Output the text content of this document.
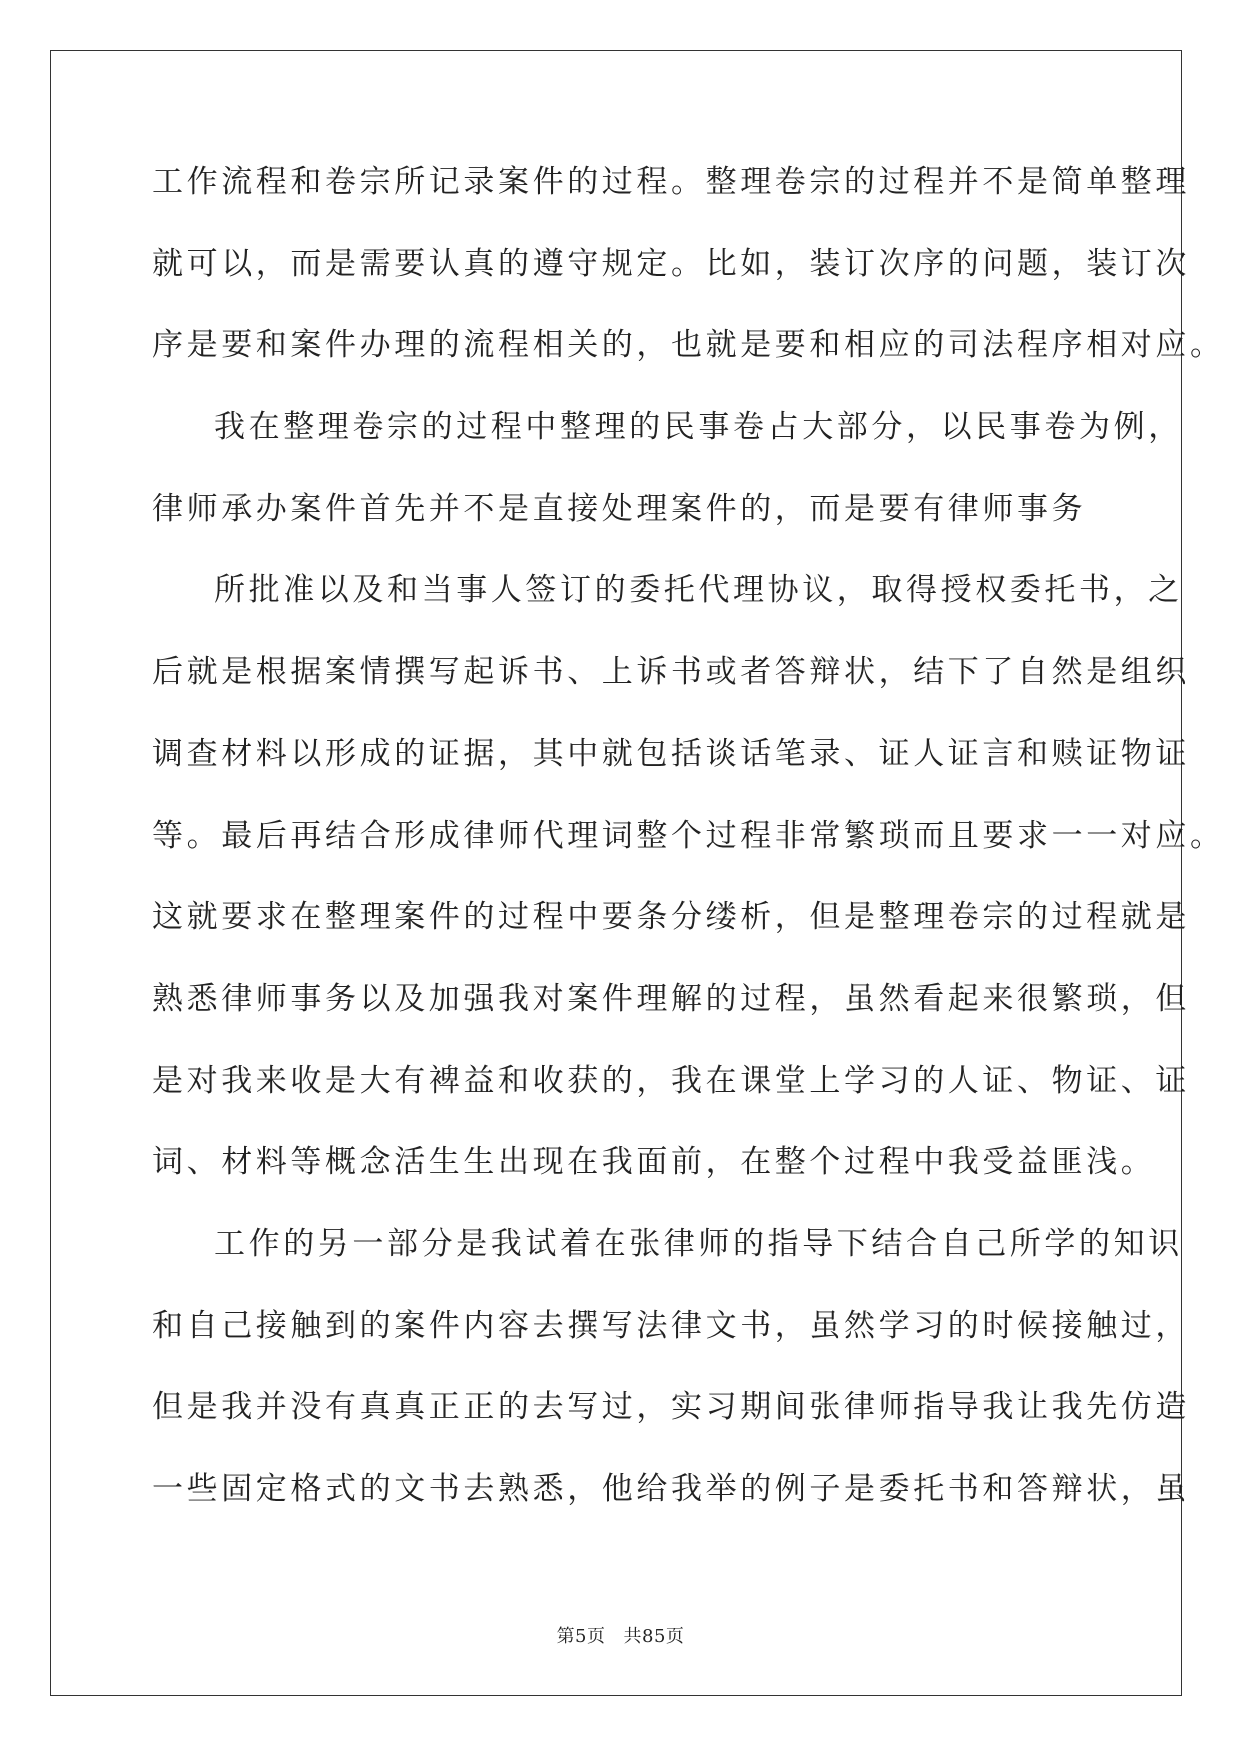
工作流程和卷宗所记录案件的过程。整理卷宗的过程并不是简单整理
就可以，而是需要认真的遵守规定。比如，装订次序的问题，装订次
序是要和案件办理的流程相关的，也就是要和相应的司法程序相对应。
我在整理卷宗的过程中整理的民事卷占大部分，以民事卷为例，
律师承办案件首先并不是直接处理案件的，而是要有律师事务
所批准以及和当事人签订的委托代理协议，取得授权委托书，之
后就是根据案情撰写起诉书、上诉书或者答辩状，结下了自然是组织
调查材料以形成的证据，其中就包括谈话笔录、证人证言和赎证物证
等。最后再结合形成律师代理词整个过程非常繁琐而且要求一一对应。
这就要求在整理案件的过程中要条分缕析，但是整理卷宗的过程就是
熟悉律师事务以及加强我对案件理解的过程，虽然看起来很繁琐，但
是对我来收是大有裨益和收获的，我在课堂上学习的人证、物证、证
词、材料等概念活生生出现在我面前，在整个过程中我受益匪浅。
工作的另一部分是我试着在张律师的指导下结合自己所学的知识
和自己接触到的案件内容去撰写法律文书，虽然学习的时候接触过，
但是我并没有真真正正的去写过，实习期间张律师指导我让我先仿造
一些固定格式的文书去熟悉，他给我举的例子是委托书和答辩状，虽
第5页 共85页
